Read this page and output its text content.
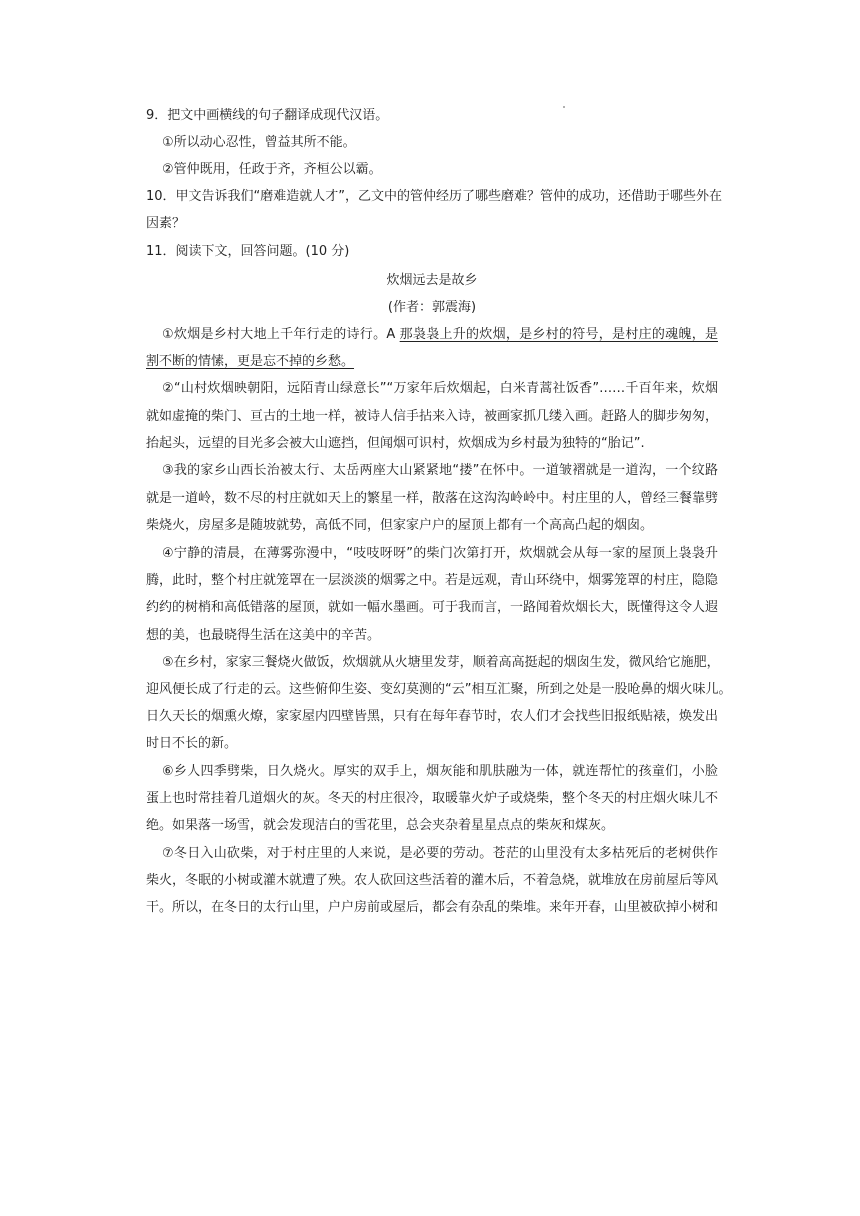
9．把文中画横线的句子翻译成现代汉语。
①所以动心忍性，曾益其所不能。
②管仲既用，任政于齐，齐桓公以霸。
10．甲文告诉我们“磨难造就人才”，乙文中的管仲经历了哪些磨难？管仲的成功，还借助于哪些外在
因素？
11．阅读下文，回答问题。(10 分)
炊烟远去是故乡
(作者：郭震海)
①炊烟是乡村大地上千年行走的诗行。A 那袅袅上升的炊烟，是乡村的符号，是村庄的魂魄，是
割不断的情愫，更是忘不掉的乡愁。
②“山村炊烟映朝阳，远陌青山绿意长”“万家年后炊烟起，白米青蒿社饭香”……千百年来，炊烟
就如虚掩的柴门、亘古的土地一样，被诗人信手拈来入诗，被画家抓几缕入画。赶路人的脚步匆匆，
抬起头，远望的目光多会被大山遮挡，但闻烟可识村，炊烟成为乡村最为独特的“胎记”.
③我的家乡山西长治被太行、太岳两座大山紧紧地“搂”在怀中。一道皱褶就是一道沟，一个纹路
就是一道岭，数不尽的村庄就如天上的繁星一样，散落在这沟沟岭岭中。村庄里的人，曾经三餐靠劈
柴烧火，房屋多是随坡就势，高低不同，但家家户户的屋顶上都有一个高高凸起的烟囱。
④宁静的清晨，在薄雾弥漫中，“吱吱呀呀”的柴门次第打开，炊烟就会从每一家的屋顶上袅袅升
腾，此时，整个村庄就笼罩在一层淡淡的烟雾之中。若是远观，青山环绕中，烟雾笼罩的村庄，隐隐
约约的树梢和高低错落的屋顶，就如一幅水墨画。可于我而言，一路闻着炊烟长大，既懂得这令人遐
想的美，也最晓得生活在这美中的辛苦。
⑤在乡村，家家三餐烧火做饭，炊烟就从火塘里发芽，顺着高高挺起的烟囱生发，微风给它施肥，
迎风便长成了行走的云。这些俯仰生姿、变幻莫测的“云”相互汇聚，所到之处是一股呛鼻的烟火味儿。
日久天长的烟熏火燎，家家屋内四壁皆黑，只有在每年春节时，农人们才会找些旧报纸贴裱，焕发出
时日不长的新。
⑥乡人四季劈柴，日久烧火。厚实的双手上，烟灰能和肌肤融为一体，就连帮忙的孩童们，小脸
蛋上也时常挂着几道烟火的灰。冬天的村庄很冷，取暖靠火炉子或烧柴，整个冬天的村庄烟火味儿不
绝。如果落一场雪，就会发现洁白的雪花里，总会夹杂着星星点点的柴灰和煤灰。
⑦冬日入山砍柴，对于村庄里的人来说，是必要的劳动。苍茫的山里没有太多枯死后的老树供作
柴火，冬眠的小树或灌木就遭了殃。农人砍回这些活着的灌木后，不着急烧，就堆放在房前屋后等风
干。所以，在冬日的太行山里，户户房前或屋后，都会有杂乱的柴堆。来年开春，山里被砍掉小树和
